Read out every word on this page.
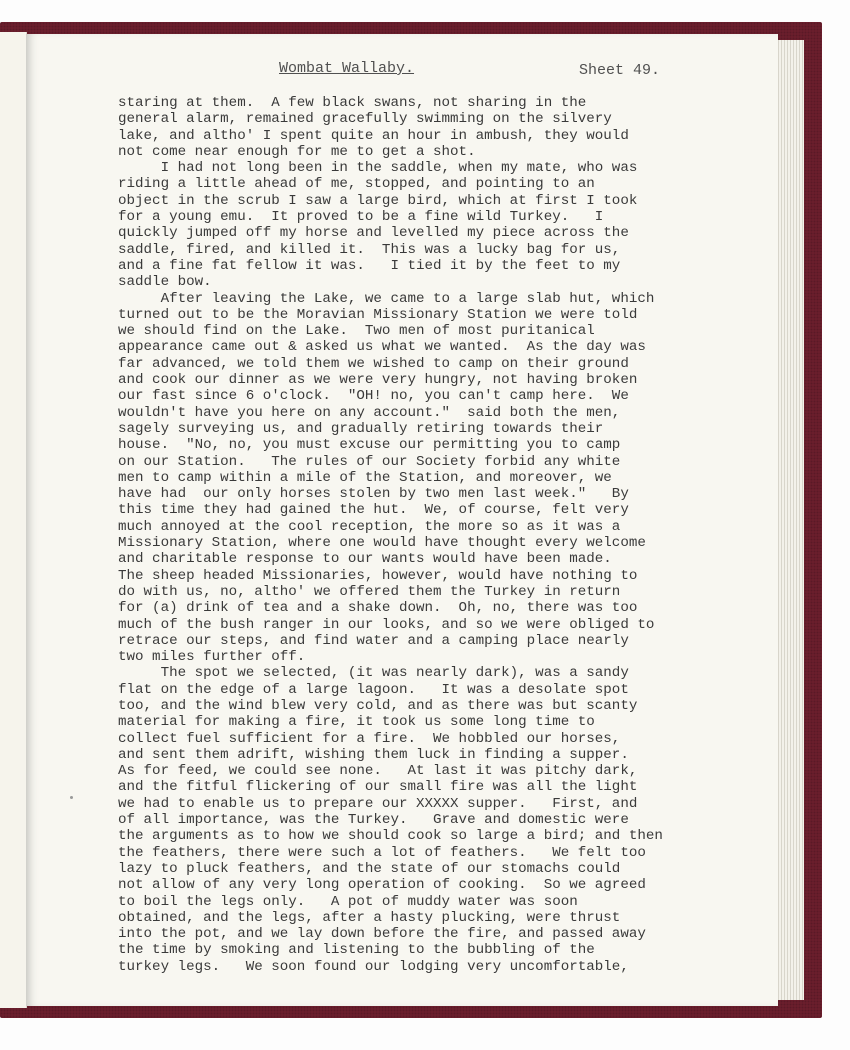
Wombat Wallaby.	Sheet 49.
staring at them.  A few black swans, not sharing in the
general alarm, remained gracefully swimming on the silvery
lake, and altho' I spent quite an hour in ambush, they would
not come near enough for me to get a shot.
I had not long been in the saddle, when my mate, who was
riding a little ahead of me, stopped, and pointing to an
object in the scrub I saw a large bird, which at first I took
for a young emu.  It proved to be a fine wild Turkey.   I
quickly jumped off my horse and levelled my piece across the
saddle, fired, and killed it.  This was a lucky bag for us,
and a fine fat fellow it was.   I tied it by the feet to my
saddle bow.
After leaving the Lake, we came to a large slab hut, which
turned out to be the Moravian Missionary Station we were told
we should find on the Lake.  Two men of most puritanical
appearance came out & asked us what we wanted.  As the day was
far advanced, we told them we wished to camp on their ground
and cook our dinner as we were very hungry, not having broken
our fast since 6 o'clock.  "OH! no, you can't camp here.  We
wouldn't have you here on any account."  said both the men,
sagely surveying us, and gradually retiring towards their
house.  "No, no, you must excuse our permitting you to camp
on our Station.   The rules of our Society forbid any white
men to camp within a mile of the Station, and moreover, we
have had  our only horses stolen by two men last week."   By
this time they had gained the hut.  We, of course, felt very
much annoyed at the cool reception, the more so as it was a
Missionary Station, where one would have thought every welcome
and charitable response to our wants would have been made.
The sheep headed Missionaries, however, would have nothing to
do with us, no, altho' we offered them the Turkey in return
for (a) drink of tea and a shake down.  Oh, no, there was too
much of the bush ranger in our looks, and so we were obliged to
retrace our steps, and find water and a camping place nearly
two miles further off.
The spot we selected, (it was nearly dark), was a sandy
flat on the edge of a large lagoon.   It was a desolate spot
too, and the wind blew very cold, and as there was but scanty
material for making a fire, it took us some long time to
collect fuel sufficient for a fire.  We hobbled our horses,
and sent them adrift, wishing them luck in finding a supper.
As for feed, we could see none.   At last it was pitchy dark,
and the fitful flickering of our small fire was all the light
we had to enable us to prepare our XXXXX supper.   First, and
of all importance, was the Turkey.   Grave and domestic were
the arguments as to how we should cook so large a bird; and then
the feathers, there were such a lot of feathers.   We felt too
lazy to pluck feathers, and the state of our stomachs could
not allow of any very long operation of cooking.  So we agreed
to boil the legs only.   A pot of muddy water was soon
obtained, and the legs, after a hasty plucking, were thrust
into the pot, and we lay down before the fire, and passed away
the time by smoking and listening to the bubbling of the
turkey legs.   We soon found our lodging very uncomfortable,
